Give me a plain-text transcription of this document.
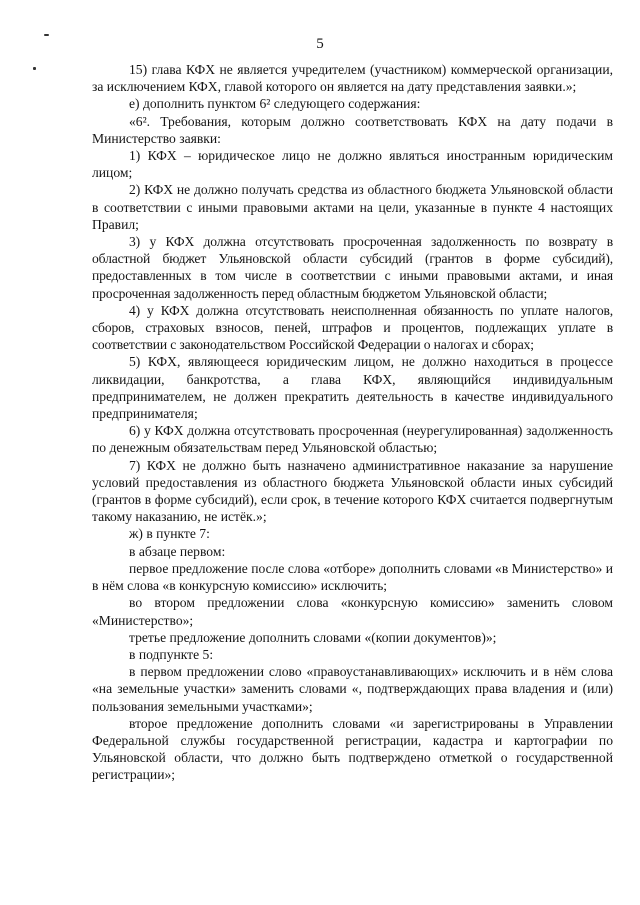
5

15) глава КФХ не является учредителем (участником) коммерческой организации, за исключением КФХ, главой которого он является на дату представления заявки.»;

е) дополнить пунктом 6² следующего содержания:

«6². Требования, которым должно соответствовать КФХ на дату подачи в Министерство заявки:

1) КФХ – юридическое лицо не должно являться иностранным юридическим лицом;

2) КФХ не должно получать средства из областного бюджета Ульяновской области в соответствии с иными правовыми актами на цели, указанные в пункте 4 настоящих Правил;

3) у КФХ должна отсутствовать просроченная задолженность по возврату в областной бюджет Ульяновской области субсидий (грантов в форме субсидий), предоставленных в том числе в соответствии с иными правовыми актами, и иная просроченная задолженность перед областным бюджетом Ульяновской области;

4) у КФХ должна отсутствовать неисполненная обязанность по уплате налогов, сборов, страховых взносов, пеней, штрафов и процентов, подлежащих уплате в соответствии с законодательством Российской Федерации о налогах и сборах;

5) КФХ, являющееся юридическим лицом, не должно находиться в процессе ликвидации, банкротства, а глава КФХ, являющийся индивидуальным предпринимателем, не должен прекратить деятельность в качестве индивидуального предпринимателя;

6) у КФХ должна отсутствовать просроченная (неурегулированная) задолженность по денежным обязательствам перед Ульяновской областью;

7) КФХ не должно быть назначено административное наказание за нарушение условий предоставления из областного бюджета Ульяновской области иных субсидий (грантов в форме субсидий), если срок, в течение которого КФХ считается подвергнутым такому наказанию, не истёк.»;

ж) в пункте 7:

в абзаце первом:

первое предложение после слова «отборе» дополнить словами «в Министерство» и в нём слова «в конкурсную комиссию» исключить;

во втором предложении слова «конкурсную комиссию» заменить словом «Министерство»;

третье предложение дополнить словами «(копии документов)»;

в подпункте 5:

в первом предложении слово «правоустанавливающих» исключить и в нём слова «на земельные участки» заменить словами «, подтверждающих права владения и (или) пользования земельными участками»;

второе предложение дополнить словами «и зарегистрированы в Управлении Федеральной службы государственной регистрации, кадастра и картографии по Ульяновской области, что должно быть подтверждено отметкой о государственной регистрации»;
